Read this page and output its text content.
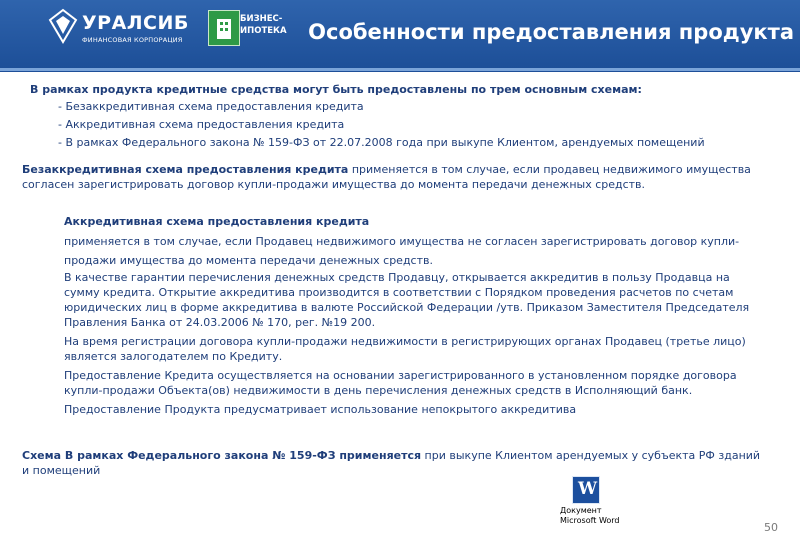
УРАЛСИБ
ФИНАНСОВАЯ КОРПОРАЦИЯ
БИЗНЕС-
ИПОТЕКА Особенности предоставления продукта
В рамках продукта кредитные средства могут быть предоставлены по трем основным схемам:
- Безаккредитивная схема предоставления кредита
- Аккредитивная схема предоставления кредита
- В рамках Федерального закона № 159-ФЗ от 22.07.2008 года при выкупе Клиентом, арендуемых помещений
Безаккредитивная схема предоставления кредита применяется в том случае, если продавец недвижимого имущества согласен зарегистрировать договор купли-продажи имущества до момента передачи денежных средств.
Аккредитивная схема предоставления кредита

применяется в том случае, если Продавец недвижимого имущества не согласен зарегистрировать договор купли-продажи имущества до момента передачи денежных средств.

В качестве гарантии перечисления денежных средств Продавцу, открывается аккредитив в пользу Продавца на сумму кредита. Открытие аккредитива производится в соответствии с Порядком проведения расчетов по счетам юридических лиц в форме аккредитива в валюте Российской Федерации /утв. Приказом Заместителя Председателя Правления Банка от 24.03.2006 № 170, рег. №19 200.

На время регистрации договора купли-продажи недвижимости в регистрирующих органах Продавец (третье лицо) является залогодателем по Кредиту.

Предоставление Кредита осуществляется на основании зарегистрированного в установленном порядке договора купли-продажи Объекта(ов) недвижимости в день перечисления денежных средств в Исполняющий банк.

Предоставление Продукта предусматривает использование непокрытого аккредитива

Схема В рамках Федерального закона № 159-ФЗ применяется при выкупе Клиентом арендуемых у субъекта РФ зданий и помещений
W
Документ
Microsoft Word
50
